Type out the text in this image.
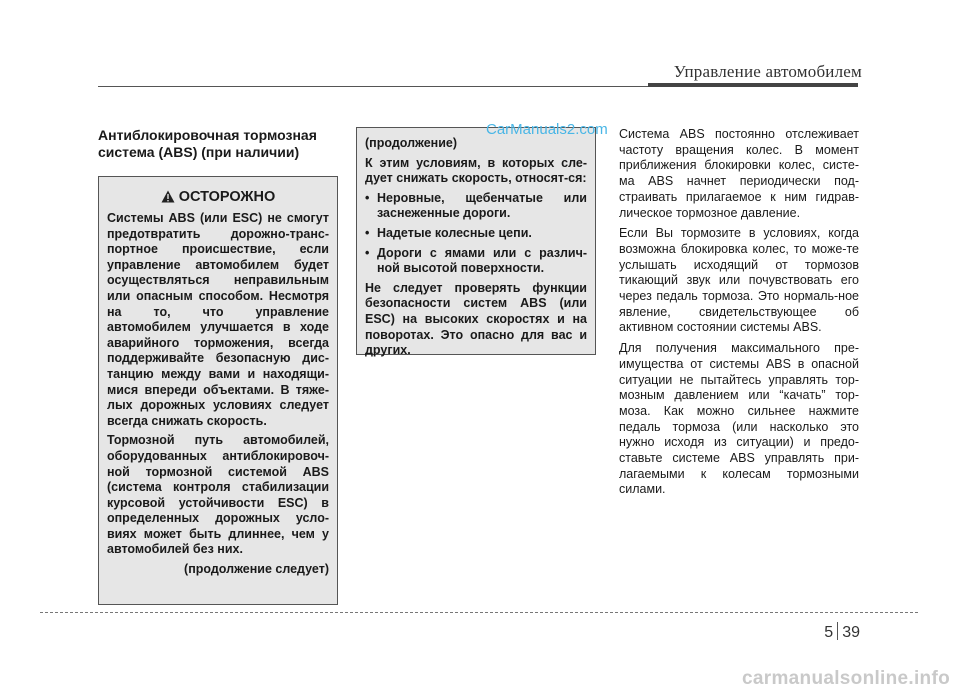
Управление автомобилем

Антиблокировочная тормозная
система (ABS) (при наличии)

ОСТОРОЖНО

Системы ABS (или ESC) не смогут предотвратить дорожно-транс-портное происшествие, если управление автомобилем будет осуществляться неправильным или опасным способом. Несмотря на то, что управление автомобилем улучшается в ходе аварийного торможения, всегда поддерживайте безопасную дис-танцию между вами и находящи-мися впереди объектами. В тяже-лых дорожных условиях следует всегда снижать скорость.

Тормозной путь автомобилей, оборудованных антиблокировоч-ной тормозной системой ABS (система контроля стабилизации курсовой устойчивости ESC) в определенных дорожных усло-виях может быть длиннее, чем у автомобилей без них.

(продолжение следует)

(продолжение)

К этим условиям, в которых сле-дует снижать скорость, относят-ся:

• Неровные, щебенчатые или заснеженные дороги.
• Надетые колесные цепи.
• Дороги с ямами или с различ-ной высотой поверхности.

Не следует проверять функции безопасности систем ABS (или ESC) на высоких скоростях и на поворотах. Это опасно для вас и других.

Система ABS постоянно отслеживает частоту вращения колес. В момент приближения блокировки колес, систе-ма ABS начнет периодически под-страивать прилагаемое к ним гидрав-лическое тормозное давление.

Если Вы тормозите в условиях, когда возможна блокировка колес, то може-те услышать исходящий от тормозов тикающий звук или почувствовать его через педаль тормоза. Это нормаль-ное явление, свидетельствующее об активном состоянии системы ABS.

Для получения максимального пре-имущества от системы ABS в опасной ситуации не пытайтесь управлять тор-мозным давлением или “качать” тор-моза. Как можно сильнее нажмите педаль тормоза (или насколько это нужно исходя из ситуации) и предо-ставьте системе ABS управлять при-лагаемыми к колесам тормозными силами.

CarManuals2.com
5 39
carmanualsonline.info
